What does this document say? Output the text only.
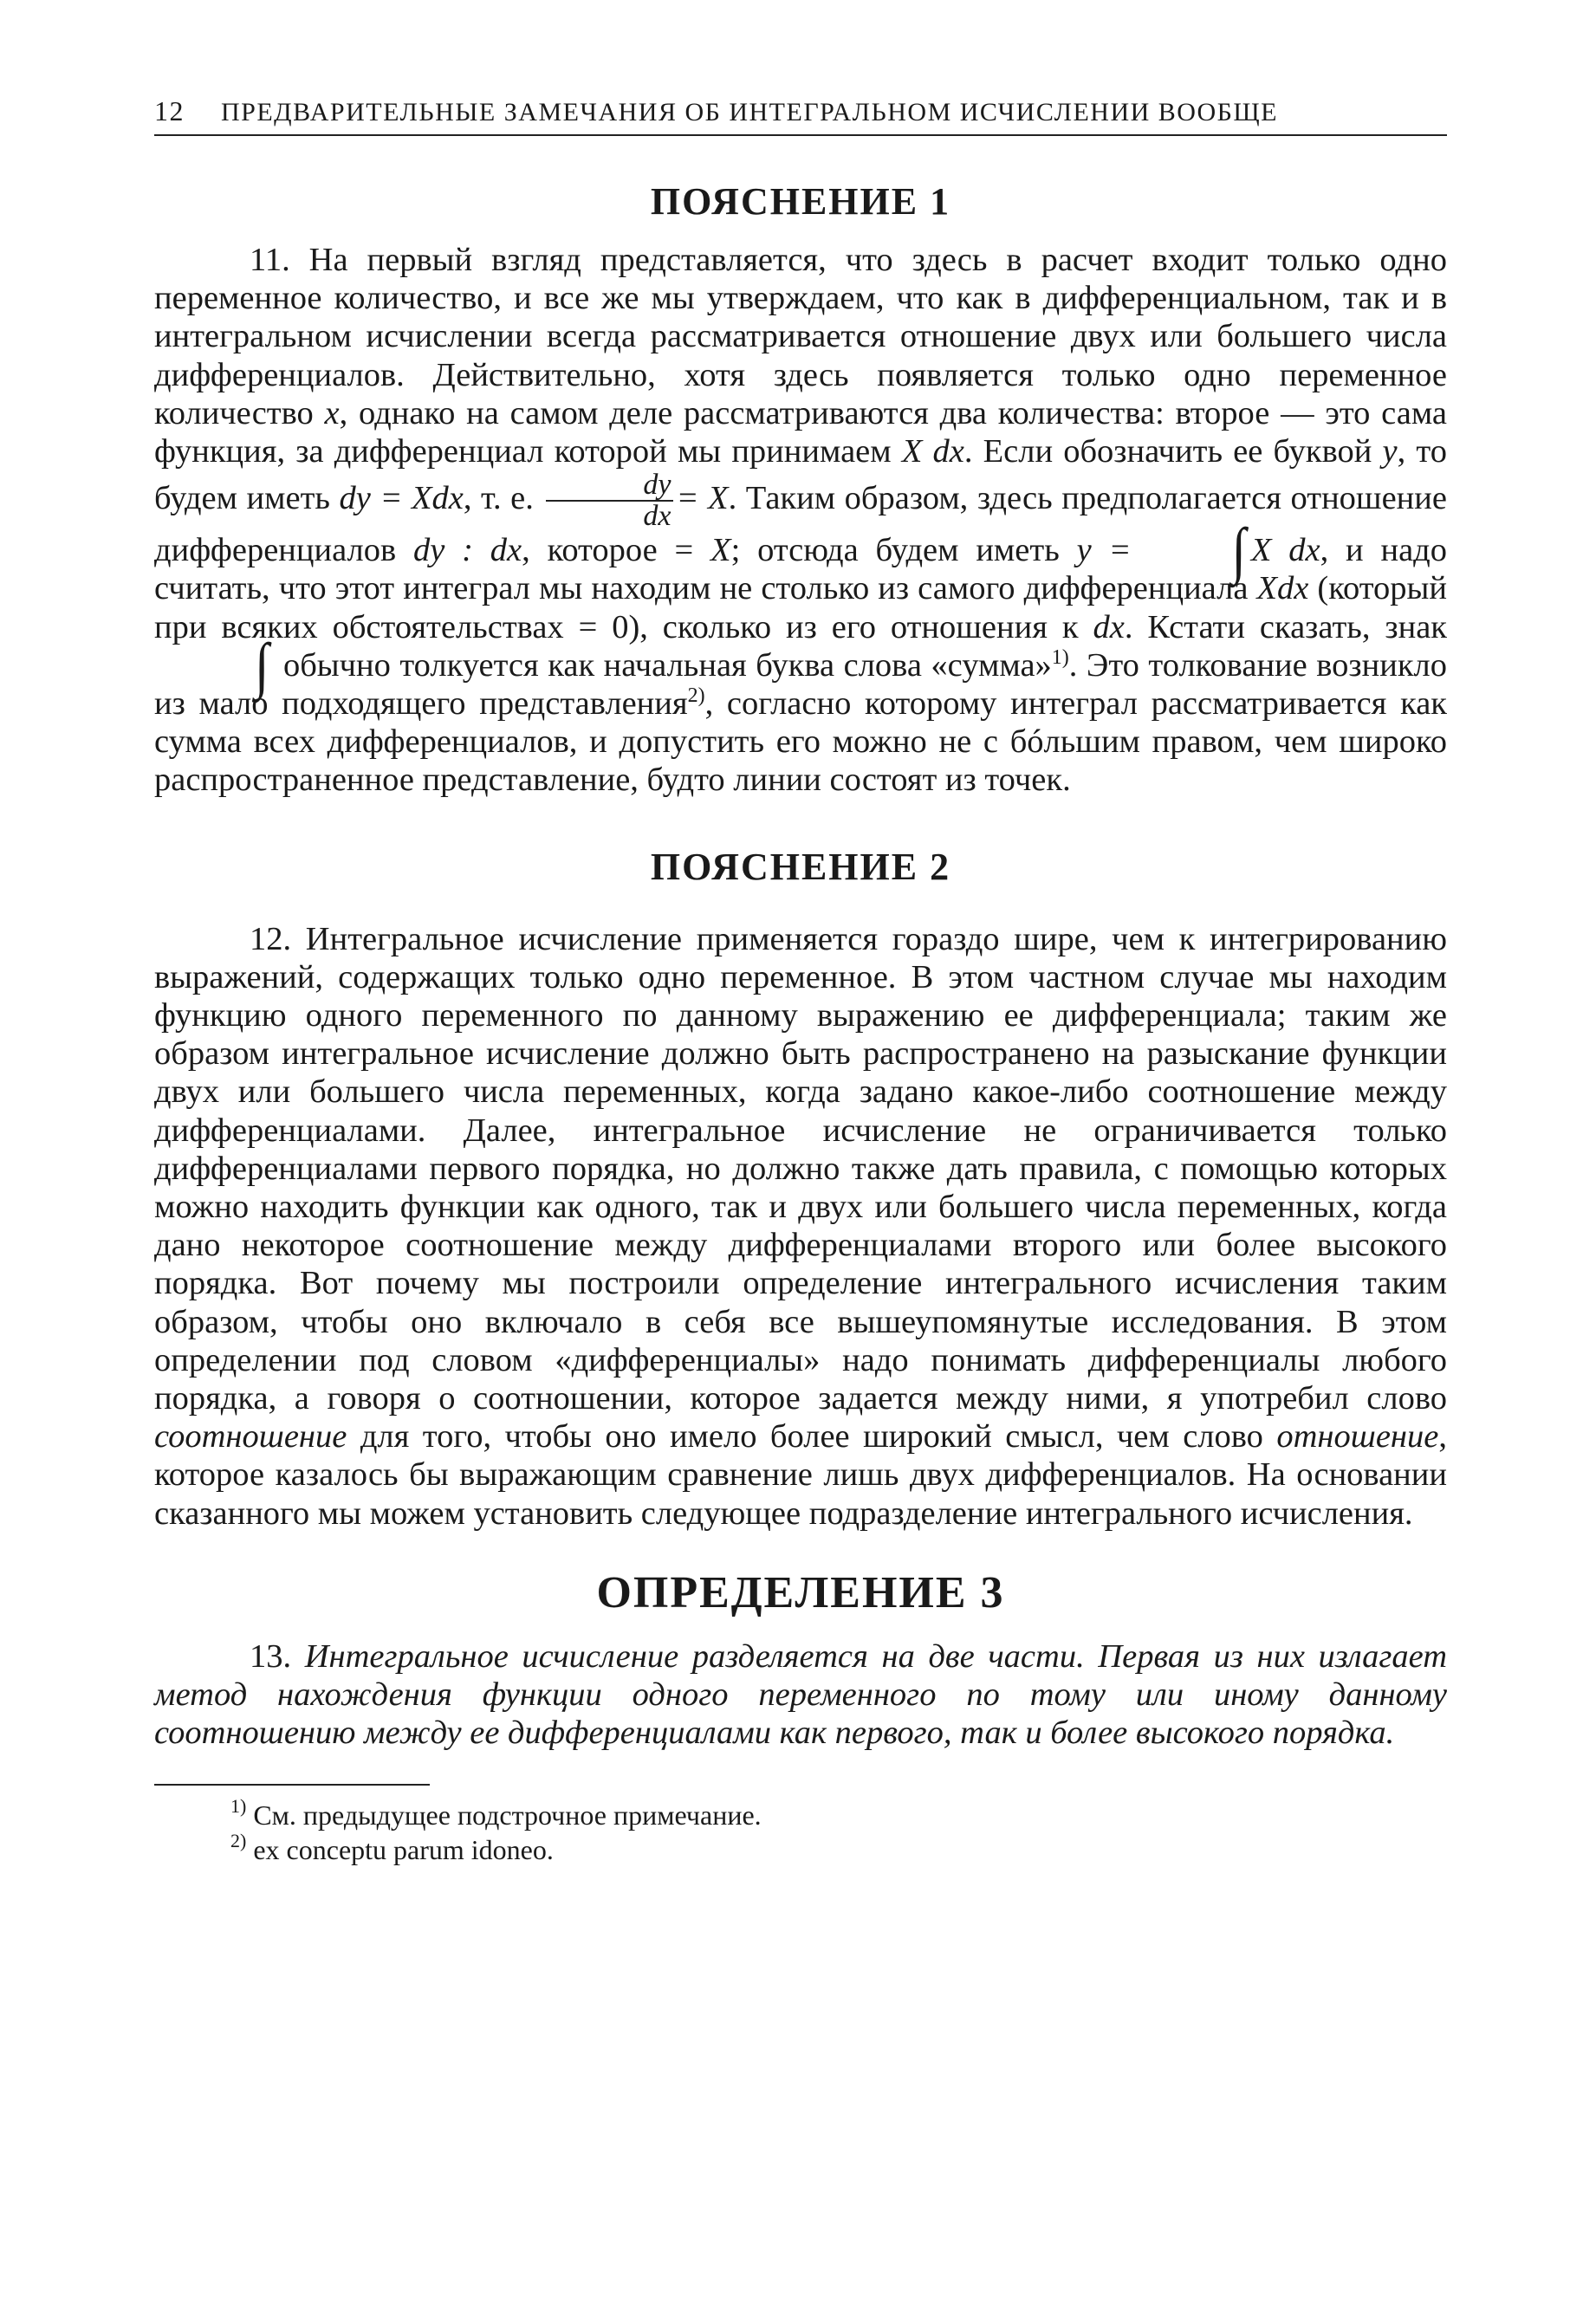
12 ПРЕДВАРИТЕЛЬНЫЕ ЗАМЕЧАНИЯ ОБ ИНТЕГРАЛЬНОМ ИСЧИСЛЕНИИ ВООБЩЕ
ПОЯСНЕНИЕ 1

11. На первый взгляд представляется, что здесь в расчет входит только одно переменное количество, и все же мы утверждаем, что как в дифференциальном, так и в интегральном исчислении всегда рассматривается отношение двух или большего числа дифференциалов. Действительно, хотя здесь появляется только одно переменное количество x, однако на самом деле рассматриваются два количества: второе — это сама функция, за дифференциал которой мы принимаем X dx. Если обозначить ее буквой y, то будем иметь dy = Xdx, т. е. $\frac{dy}{dx} = X$. Таким образом, здесь предполагается отношение дифференциалов dy : dx, которое = X; отсюда будем иметь y = ∫ X dx, и надо считать, что этот интеграл мы находим не столько из самого дифференциала Xdx (который при всяких обстоятельствах = 0), сколько из его отношения к dx. Кстати сказать, знак ∫ обычно толкуется как начальная буква слова «сумма»$^{1)}$. Это толкование возникло из мало подходящего представления$^{2)}$, согласно которому интеграл рассматривается как сумма всех дифференциалов, и допустить его можно не с бóльшим правом, чем широко распространенное представление, будто линии состоят из точек.

ПОЯСНЕНИЕ 2

12. Интегральное исчисление применяется гораздо шире, чем к интегрированию выражений, содержащих только одно переменное. В этом частном случае мы находим функцию одного переменного по данному выражению ее дифференциала; таким же образом интегральное исчисление должно быть распространено на разыскание функции двух или большего числа переменных, когда задано какое-либо соотношение между дифференциалами. Далее, интегральное исчисление не ограничивается только дифференциалами первого порядка, но должно также дать правила, с помощью которых можно находить функции как одного, так и двух или большего числа переменных, когда дано некоторое соотношение между дифференциалами второго или более высокого порядка. Вот почему мы построили определение интегрального исчисления таким образом, чтобы оно включало в себя все вышеупомянутые исследования. В этом определении под словом «дифференциалы» надо понимать дифференциалы любого порядка, а говоря о соотношении, которое задается между ними, я употребил слово соотношение для того, чтобы оно имело более широкий смысл, чем слово отношение, которое казалось бы выражающим сравнение лишь двух дифференциалов. На основании сказанного мы можем установить следующее подразделение интегрального исчисления.

ОПРЕДЕЛЕНИЕ 3

13. Интегральное исчисление разделяется на две части. Первая из них излагает метод нахождения функции одного переменного по тому или иному данному соотношению между ее дифференциалами как первого, так и более высокого порядка.

$^{1)}$ См. предыдущее подстрочное примечание.

$^{2)}$ ex conceptu parum idoneo.
